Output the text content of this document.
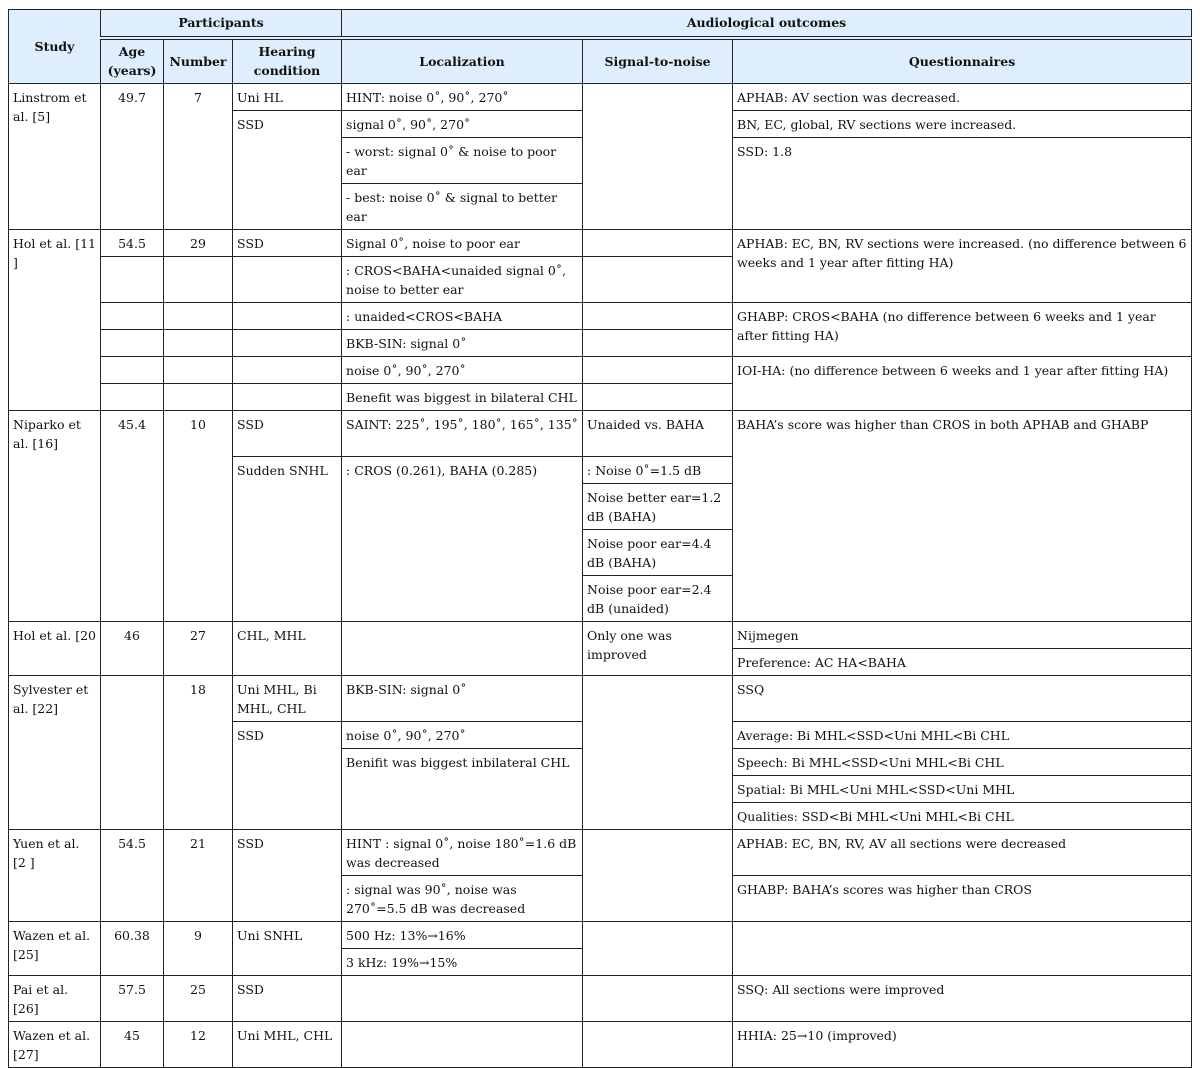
Study	Participants			Audiological outcomes		
	Age (years)	Number	Hearing condition	Localization	Signal-to-noise	Questionnaires
Linstrom et al. [5]	49.7	7	Uni HL	HINT: noise 0˚, 90˚, 270˚		APHAB: AV section was decreased.
			SSD	signal 0˚, 90˚, 270˚		BN, EC, global, RV sections were increased.
				- worst: signal 0˚ & noise to poor ear		SSD: 1.8
				- best: noise 0˚ & signal to better ear		

Hol et al. [11 ]	54.5	29	SSD	Signal 0˚, noise to poor ear		APHAB: EC, BN, RV sections were increased. (no difference between 6 weeks and 1 year after fitting HA)
				: CROS<BAHA<unaided signal 0˚, noise to better ear		
				: unaided<CROS<BAHA		GHABP: CROS<BAHA (no difference between 6 weeks and 1 year after fitting HA)
				BKB-SIN: signal 0˚		
				noise 0˚, 90˚, 270˚		IOI-HA: (no difference between 6 weeks and 1 year after fitting HA)
				Benefit was biggest in bilateral CHL		
Niparko et al. [16]	45.4	10	SSD	SAINT: 225˚, 195˚, 180˚, 165˚, 135˚	Unaided vs. BAHA	BAHA’s score was higher than CROS in both APHAB and GHABP
			Sudden SNHL	: CROS (0.261), BAHA (0.285)	: Noise 0˚=1.5 dB	
					Noise better ear=1.2 dB (BAHA)	
					Noise poor ear=4.4 dB (BAHA)	
					Noise poor ear=2.4 dB (unaided)	
Hol et al. [20	46	27	CHL, MHL		Only one was improved	Nijmegen
						Preference: AC HA<BAHA
Sylvester et al. [22]		18	Uni MHL, Bi MHL, CHL	BKB-SIN: signal 0˚		SSQ
			SSD	noise 0˚, 90˚, 270˚		Average: Bi MHL<SSD<Uni MHL<Bi CHL
				Benifit was biggest inbilateral CHL		Speech: Bi MHL<SSD<Uni MHL<Bi CHL
						Spatial: Bi MHL<Uni MHL<SSD<Uni MHL
						Qualities: SSD<Bi MHL<Uni MHL<Bi CHL
Yuen et al. [2 ]	54.5	21	SSD	HINT : signal 0˚, noise 180˚=1.6 dB was decreased		APHAB: EC, BN, RV, AV all sections were decreased
				: signal was 90˚, noise was 270˚=5.5 dB was decreased		GHABP: BAHA’s scores was higher than CROS
Wazen et al. [25]	60.38	9	Uni SNHL	500 Hz: 13%→16%		
				3 kHz: 19%→15%		
Pai et al. [26]	57.5	25	SSD			SSQ: All sections were improved
Wazen et al. [27]	45	12	Uni MHL, CHL			HHIA: 25→10 (improved)
